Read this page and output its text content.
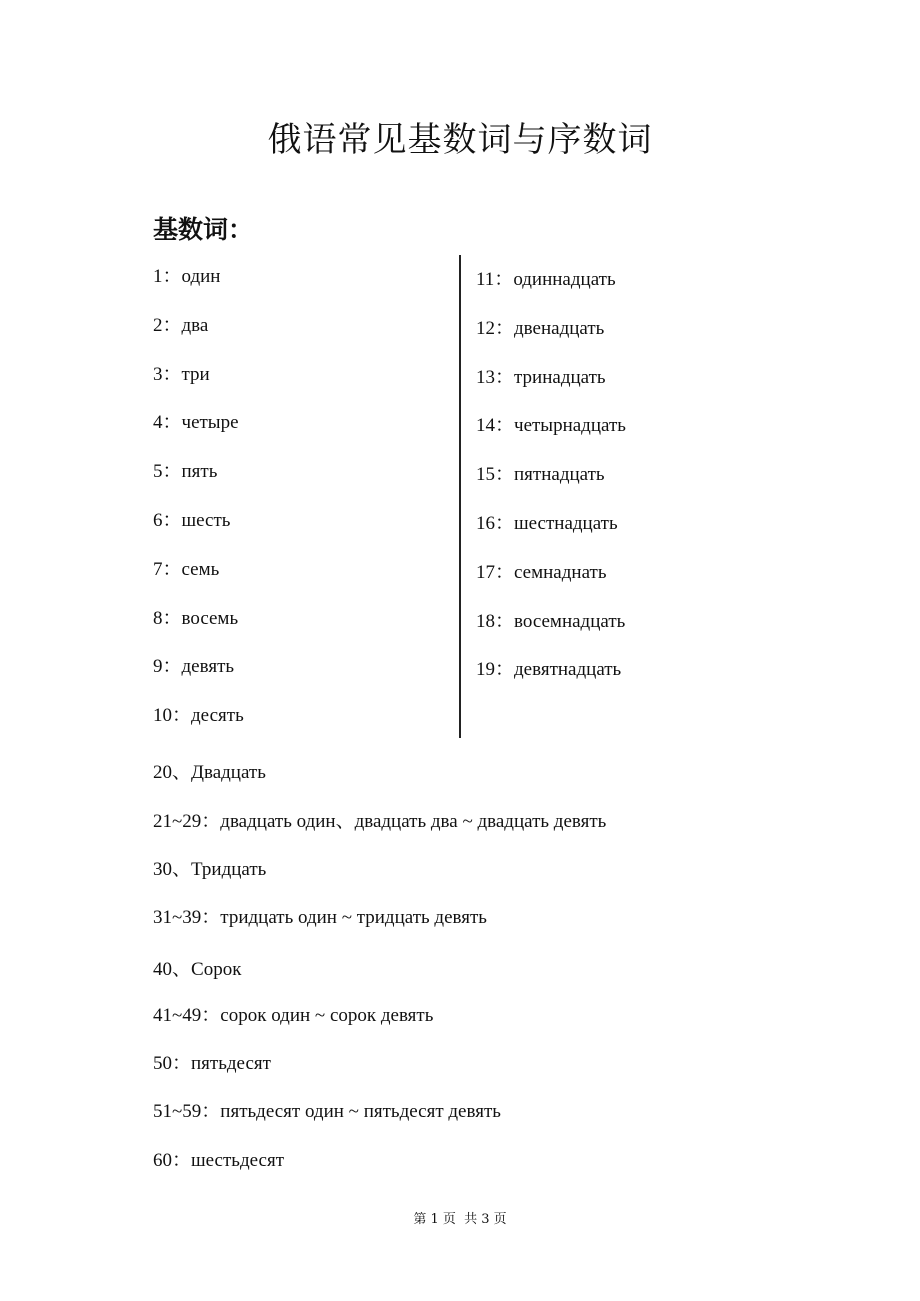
俄语常见基数词与序数词
基数词：
1：один
2：два
3：три
4：четыре
5：пять
6：шесть
7：семь
8：восемь
9：девять
10：десять
11：одиннадцать
12：двенадцать
13：тринадцать
14：четырнадцать
15：пятнадцать
16：шестнадцать
17：семнаднать
18：восемнадцать
19：девятнадцать
20、Двадцать
21~29：двадцать один、двадцать два ~ двадцать девять
30、Тридцать
31~39：тридцать один ~ тридцать девять
40、Сорок
41~49：сорок один ~ сорок девять
50：пятьдесят
51~59：пятьдесят один ~ пятьдесят девять
60：шестьдесят
第 1 页  共 3 页
